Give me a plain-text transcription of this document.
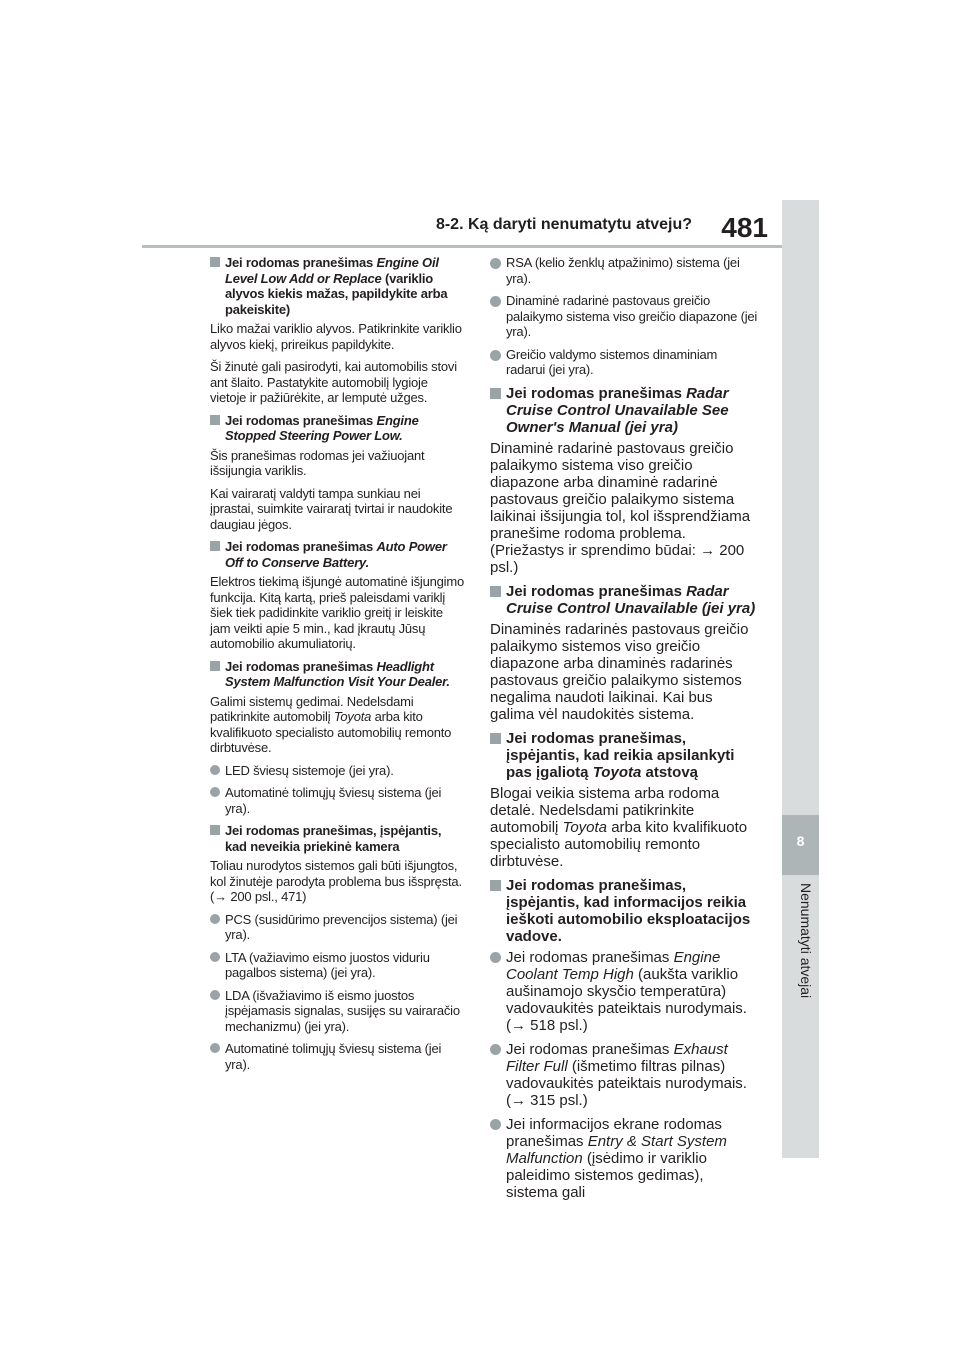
8
Nenumatyti atvejai
8-2. Ką daryti nenumatytu atveju? 481
Jei rodomas pranešimas Engine Oil Level Low Add or Replace (variklio alyvos kiekis mažas, papildykite arba pakeiskite)

Liko mažai variklio alyvos. Patikrinkite variklio alyvos kiekį, prireikus papildykite.

Ši žinutė gali pasirodyti, kai automobilis stovi ant šlaito. Pastatykite automobilį lygioje vietoje ir pažiūrėkite, ar lemputė užges.

Jei rodomas pranešimas Engine Stopped Steering Power Low.

Šis pranešimas rodomas jei važiuojant išsijungia variklis.

Kai vairaratį valdyti tampa sunkiau nei įprastai, suimkite vairaratį tvirtai ir naudokite daugiau jėgos.

Jei rodomas pranešimas Auto Power Off to Conserve Battery.

Elektros tiekimą išjungė automatinė išjungimo funkcija. Kitą kartą, prieš paleisdami variklį šiek tiek padidinkite variklio greitį ir leiskite jam veikti apie 5 min., kad įkrautų Jūsų automobilio akumuliatorių.

Jei rodomas pranešimas Headlight System Malfunction Visit Your Dealer.

Galimi sistemų gedimai. Nedelsdami patikrinkite automobilį Toyota arba kito kvalifikuoto specialisto automobilių remonto dirbtuvėse.

LED šviesų sistemoje (jei yra).
Automatinė tolimųjų šviesų sistema (jei yra).
Jei rodomas pranešimas, įspėjantis, kad neveikia priekinė kamera

Toliau nurodytos sistemos gali būti išjungtos, kol žinutėje parodyta problema bus išspręsta. (→ 200 psl., 471)

PCS (susidūrimo prevencijos sistema) (jei yra).
LTA (važiavimo eismo juostos viduriu pagalbos sistema) (jei yra).
LDA (išvažiavimo iš eismo juostos įspėjamasis signalas, susijęs su vairaračio mechanizmu) (jei yra).
Automatinė tolimųjų šviesų sistema (jei yra).
RSA (kelio ženklų atpažinimo) sistema (jei yra).
Dinaminė radarinė pastovaus greičio palaikymo sistema viso greičio diapazone (jei yra).
Greičio valdymo sistemos dinaminiam radarui (jei yra).
Jei rodomas pranešimas Radar Cruise Control Unavailable See Owner's Manual (jei yra)

Dinaminė radarinė pastovaus greičio palaikymo sistema viso greičio diapazone arba dinaminė radarinė pastovaus greičio palaikymo sistema laikinai išsijungia tol, kol išsprendžiama pranešime rodoma problema. (Priežastys ir sprendimo būdai: → 200 psl.)

Jei rodomas pranešimas Radar Cruise Control Unavailable (jei yra)

Dinaminės radarinės pastovaus greičio palaikymo sistemos viso greičio diapazone arba dinaminės radarinės pastovaus greičio palaikymo sistemos negalima naudoti laikinai. Kai bus galima vėl naudokitės sistema.

Jei rodomas pranešimas, įspėjantis, kad reikia apsilankyti pas įgaliotą Toyota atstovą

Blogai veikia sistema arba rodoma detalė. Nedelsdami patikrinkite automobilį Toyota arba kito kvalifikuoto specialisto automobilių remonto dirbtuvėse.

Jei rodomas pranešimas, įspėjantis, kad informacijos reikia ieškoti automobilio eksploatacijos vadove.
Jei rodomas pranešimas Engine Coolant Temp High (aukšta variklio aušinamojo skysčio temperatūra) vadovaukitės pateiktais nurodymais. (→ 518 psl.)
Jei rodomas pranešimas Exhaust Filter Full (išmetimo filtras pilnas) vadovaukitės pateiktais nurodymais. (→ 315 psl.)
Jei informacijos ekrane rodomas pranešimas Entry & Start System Malfunction (įsėdimo ir variklio paleidimo sistemos gedimas), sistema gali
